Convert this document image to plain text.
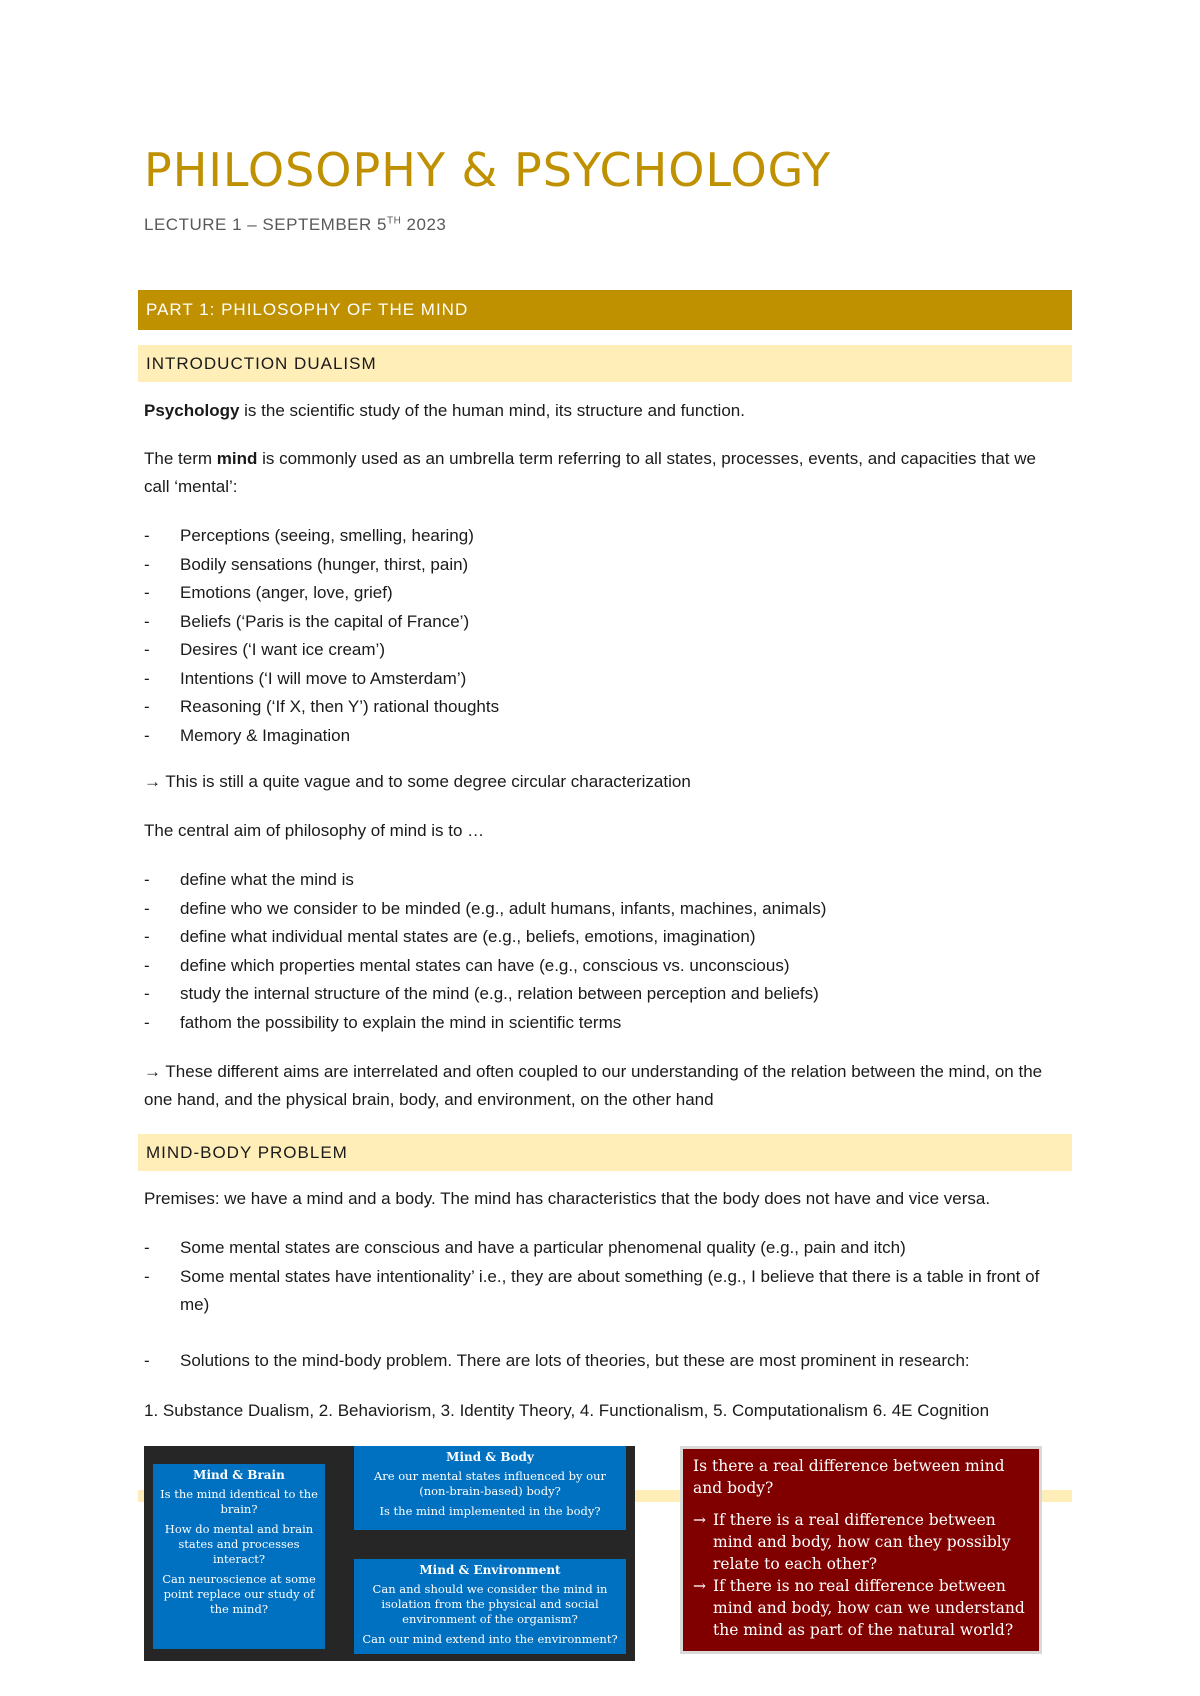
PHILOSOPHY & PSYCHOLOGY
LECTURE 1 – SEPTEMBER 5TH 2023
PART 1: PHILOSOPHY OF THE MIND
INTRODUCTION DUALISM

Psychology is the scientific study of the human mind, its structure and function.

The term mind is commonly used as an umbrella term referring to all states, processes, events, and capacities that we call ‘mental’:

- Perceptions (seeing, smelling, hearing)
- Bodily sensations (hunger, thirst, pain)
- Emotions (anger, love, grief)
- Beliefs (‘Paris is the capital of France’)
- Desires (‘I want ice cream’)
- Intentions (‘I will move to Amsterdam’)
- Reasoning (‘If X, then Y’) rational thoughts
- Memory & Imagination

→ This is still a quite vague and to some degree circular characterization

The central aim of philosophy of mind is to …

- define what the mind is
- define who we consider to be minded (e.g., adult humans, infants, machines, animals)
- define what individual mental states are (e.g., beliefs, emotions, imagination)
- define which properties mental states can have (e.g., conscious vs. unconscious)
- study the internal structure of the mind (e.g., relation between perception and beliefs)
- fathom the possibility to explain the mind in scientific terms

→ These different aims are interrelated and often coupled to our understanding of the relation between the mind, on the one hand, and the physical brain, body, and environment, on the other hand

MIND-BODY PROBLEM

Premises: we have a mind and a body. The mind has characteristics that the body does not have and vice versa.

- Some mental states are conscious and have a particular phenomenal quality (e.g., pain and itch)
- Some mental states have intentionality’ i.e., they are about something (e.g., I believe that there is a table in front of me)
- Solutions to the mind-body problem. There are lots of theories, but these are most prominent in research:

1. Substance Dualism, 2. Behaviorism, 3. Identity Theory, 4. Functionalism, 5. Computationalism 6. 4E Cognition

Mind & Brain

Is the mind identical to the brain?

How do mental and brain states and processes interact?

Can neuroscience at some point replace our study of the mind?

Mind & Body

Are our mental states influenced by our (non-brain-based) body?

Is the mind implemented in the body?

Mind & Environment

Can and should we consider the mind in isolation from the physical and social environment of the organism?

Can our mind extend into the environment?

Is there a real difference between mind and body?

→ If there is a real difference between mind and body, how can they possibly relate to each other?

→ If there is no real difference between mind and body, how can we understand the mind as part of the natural world?
